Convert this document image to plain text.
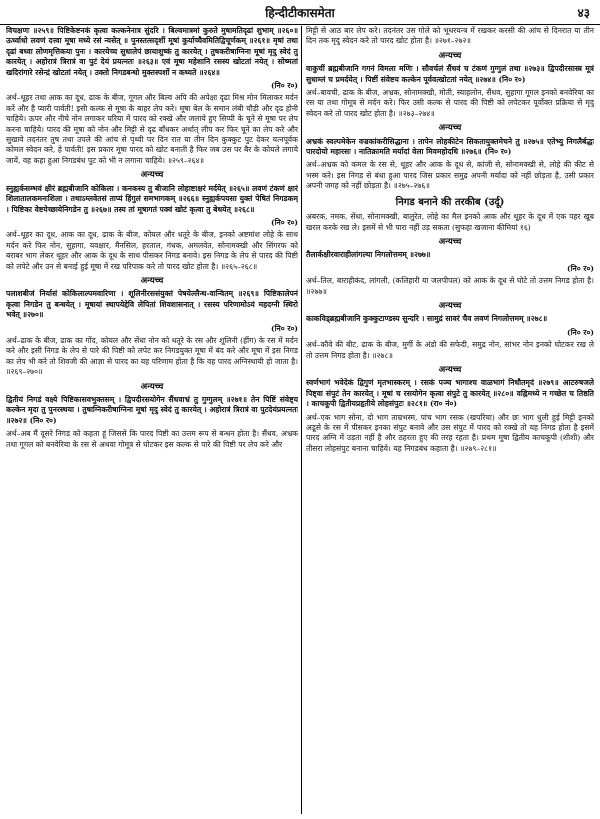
हिन्दीटीकासमेता	४३
विचक्षणः ॥२५९॥ पिष्टिकेष्टनकं कृत्वा कल्कनेनात्र सुंदरि । बिल्वमात्रमां कुरुते मुषामतिदृढां शुभाम् ॥२६०॥ ऊर्ध्वाधो लवणं दत्त्वा मूषा मध्ये रसं न्यसेत् ॥ पुनस्तत्सदृशीं मूषां कुर्याच्चैवमितिद्विचूर्णकम् ॥२६१॥ मृषां तथा दृढां बध्वा लोणमृत्तिकया पुनः । कारयेच्च सुधालेपं छायाशुष्कं तु कारयेत् । तुषकरीषाग्निना मूषां मृदु स्वेदं तु कारयेत् । अहोरात्रं त्रिरात्रं वा पुटं देयं प्रयत्नतः ॥२६३॥ एवं मूषा महेशानि रसस्य खोटतां नयेत् । सोष्मतां खदिरांगारे रसेन्द्रं खोटतां नयेत् । उक्तो निगडबन्धो मुक्तस्पर्शो न कथ्यते ॥२६४॥
(नि० र०)
अर्थ–थूहर तथा आक का दूध, ढाक के बीज, गूगल और बिल्व अपि की अपेक्षा दृढा मिश्र मोन मिलाकर मर्दन करें और है प्यारी पार्वती! इसी कल्क से मूषा के बाहर लेप करे। मूषा बेल के समान लंबी चौड़ी और दृढ होनी चाहिये। ऊपर और नीचे नोन लगाकर घरिया में पारद को रक्खे और जलाये हुए सिप्पी के चूने से मूषा पर लेप करना चाहिये। पारद की मूषा को नोन और मिट्टी से दृढ बाँधकर अर्थात् लीप कर फिर चूने का लेप करे और सुखावे तदनंतर तुष तथा उपले की आंच से पृथ्वी पर दिन रात या तीन दिन कुक्कुट पुट देकर यत्नपूर्वक कोमल स्वेदन करे, हे पार्वती! इस प्रकार मूषा पारद को खोट बनाती है फिर जब उस पर बैर के कोयले लगाये जायें, वह कहा हुआ निगडबंध पुट को भी न लगाना चाहिये। ॥२५९–२६४॥
अन्यच्च
स्नुह्यर्कसम्भवं क्षीरं ब्रह्मबीजानि कोकिला । कनकस्य तु बीजानि लोहाष्टाक्षरं मर्दयेत् ॥२६५॥ लवणं टंकणं क्षारं शिलातालकमनःशिला । तथाऽम्लवेतसं ताप्यं हिंगुलं समभागकम् ॥२६६॥ स्नुह्यर्कपयसा युक्तं पेषितं निगडकम् । पिष्टिका वेष्टयेच्छायेनिगडेन तु ॥२६७॥ तस्य तां मूषागतं पक्वं खोटं कृत्वा तु बेधयेत् ॥२६८॥
(नि० र०)
अर्थ–थूहर का दूध, आक का दूध, ढाक के बीज, कोयल और धतूरे के बीज, इनको अष्टमांश लोहे के साथ मर्दन करे फिर नोन, सुहागा, यवक्षार, मैनसिल, हरताल, गंधक, अमलवेत, सोनामक्खी और सिंगरफ को बराबर भाग लेकर थूहर और आक के दूध के साथ पीसकर निगड बनावे। इस निगड के लेप से पारद की पिष्टी को लपेटे और उन से बनाई हुई मूषा में रख परिपाक करे तो पारद खोट होता है। ॥२६५–२६८॥
अन्यच्च
पलाशबीजं निर्यासं कोकिलाल्पमवारिणा । शूलिनीरससंयुक्तं पेषयेल्लैन्थ-वान्वितम् ॥२६९॥ पिष्टिकालेपनं कृत्वा निगडेन तु बन्धयेत् । मूषायां स्थापयेद्देवि लेपितां शिवशासनात् । रसस्य परिणामोऽयं महदग्नी स्थिरो भवेत् ॥२७०॥
(नि० र०)
अर्थ–ढाक के बीज, ढाक का गोंद, कोयल और सेंधा नोन को धतूरे के रस और शूलिनी (हींग) के रस में मर्दन करे और इसी निगड के लेप से पारे की पिष्टी को लपेट कर निगडयुक्त मूषा में बंद करे और मूषा में इस निगड का लेप भी करे तो शिवजी की आज्ञा से पारद का यह परिणाम होता है कि वह पारद अग्निस्थायी हो जाता है। ॥२६९–२७०॥
अन्यच्च
द्वितीयं निगडं वक्ष्ये पिष्टिकासवभुक्तसम् । द्विपदीरसयोगेन सैंधवाभ्रं तु गुग्गुलम् ॥२७१॥ तेन पिष्टिं संवेष्ट्य कल्केन मृदा तु पुनरस्थया । तुषाग्निकरीषाग्निना मूषां मृदु स्वेदं तु कारयेत् । अहोरात्रं त्रिरात्रं वा पुटदेयंप्रयत्नतः ॥२७२॥ (नि० र०)
अर्थ–अब मैं दूसरे निगड को कहता हूं जिससे कि पारद पिष्टी का उत्तम रूप से बन्धन होता है। सैंधव, अभ्रक तथा गूगल को बनवेरिया के रस से अथवा गोमूत्र से घोटकर इस कल्क से पारे की पिष्टी पर लेप करे और
मिट्टी से आठ बार लेप करे। तदनंतर उस गोले को भूधरयन्त्र में रखकर करसी की आंच से दिनरात या तीन दिन तक मृदु स्वेदन करे तो पारद खोट होता है। ॥२७१–२७२॥
अन्यच्च
वाकुचीं ब्रह्मबीजानि गगनं विमला मणिः । सौवर्चलं सैंधवं च टंकणं गुग्गुलं तथा ॥२७३॥ द्विपदीरसास्त्र मूत्रं सुधाम्लं च प्रमर्दयेत् । पिष्टीं संवेष्टय कल्केन पूर्ववत्खोटतां नयेत् ॥२७४॥ (नि० र०)
अर्थ–बावची, ढाक के बीज, अभ्रक, सोनामक्खी, मोती, स्याहलोन, सैंधव, सुहागा गूगल इनको बनवेरिया का रस या तथा गोमूत्र से मर्दन करे। फिर उसी कल्क से पारद की पिष्टी को लपेटकर पूर्वोक्त प्रक्रिया से मृदु स्वेदन करे तो पारद खोट होता है। ॥२७३–२७४॥
अन्यच्च
अभ्रकं स्वल्पमेकेन वज्रकांकरीसिद्धाना । तापेन लोहकीटेन सिकतायुक्तमेचने तु ॥२७५॥ एतेभ्यु निगलैर्बद्धः पारदोयो महारसः । नातिक्रामति मर्यादां वेला मिवमहोदधि ॥२७६॥ (नि० र०)
अर्थ–अभ्रक को कमल के रस से, थूहर और आक के दूध से, कांजी से, सोनामक्खी से, लोहे की कीट से भस्म करे। इस निगड से बंधा हुआ पारद जिस प्रकार समुद्र अपनी मर्यादा को नहीं छोड़ता है, उसी प्रकार अपनी जगह को नहीं छोड़ता है। ॥२७५–२७६॥
निगड बनाने की तरकीब (उर्दू)
अबरक, नमक, सेंधा, सोनामक्खी, बालुरेत, लोहे का मैल इनको आक और थूहर के दूध में एक पहर खूब खरल करके रख ले। इसमें से भी पारा नहीं उड़ सकता (सुफहा खजाना कीमियां १६)
अन्यच्च
तैलार्कक्षीरवाराहीलांगल्या निगलोत्तमम् ॥२७७॥
(नि० र०)
अर्थ–तिल, बाराहीकंद, लांगली, (कलिहारी या जलपीपल) को आक के दूध से घोटे तो उत्तम निगड होता है। ॥२७७॥
अन्यच्च
काकविड्ब्रह्मबीजानि कुक्कुटाण्डस्य सुन्दरि । सामुद्रं सावरं चैव लवणं निगलोत्तमम् ॥२७८॥
(नि० र०)
अर्थ–कौवे की बीट, ढाक के बीज, मुर्गी के अंडो की सफेदी, समुद्र नोन, सांभर नोन इनको घोटकर रख ले तो उत्तम निगड होता है। ॥२७८॥
अन्यच्च
स्वर्णभागं भवेदेकं द्विगुणं मृतभास्करम् । रसकं पञ्च भागाश्च वाळभागं निधौतमृदं ॥२७९॥ आटरुषजले पिष्ट्वा संपुटं तेन कारयेत् । मूषां च रसयोगेन कृत्वा संपुटे तु कारयेत् ॥२८०॥ वह्निमध्ये न गच्छेत च तिष्ठति । काचकूपी द्वितीयप्रहृतीये लोहसंपुटः ॥२८१॥ (रा० नं०)
अर्थ–एक भाग सोना, दो भाग ताम्रभस्म, पांच भाग रसक (खपरिया) और छः भाग धुली हुई मिट्टी इनको अडूसे के रस में पीसकर इनका संपुट बनावे और उस संपुट में पारद को रक्खे तो यह निगड होता है इसमें पारद अग्नि में उड़ता नहीं है और ठहरता हुए की तरह रहता है। प्रथम मूषा द्वितीय काचकूपी (शीशी) और तीसरा लोहसंपुट बनाना चाहिये। यह निगडबंध कहाता है। ॥२७९–२८१॥
